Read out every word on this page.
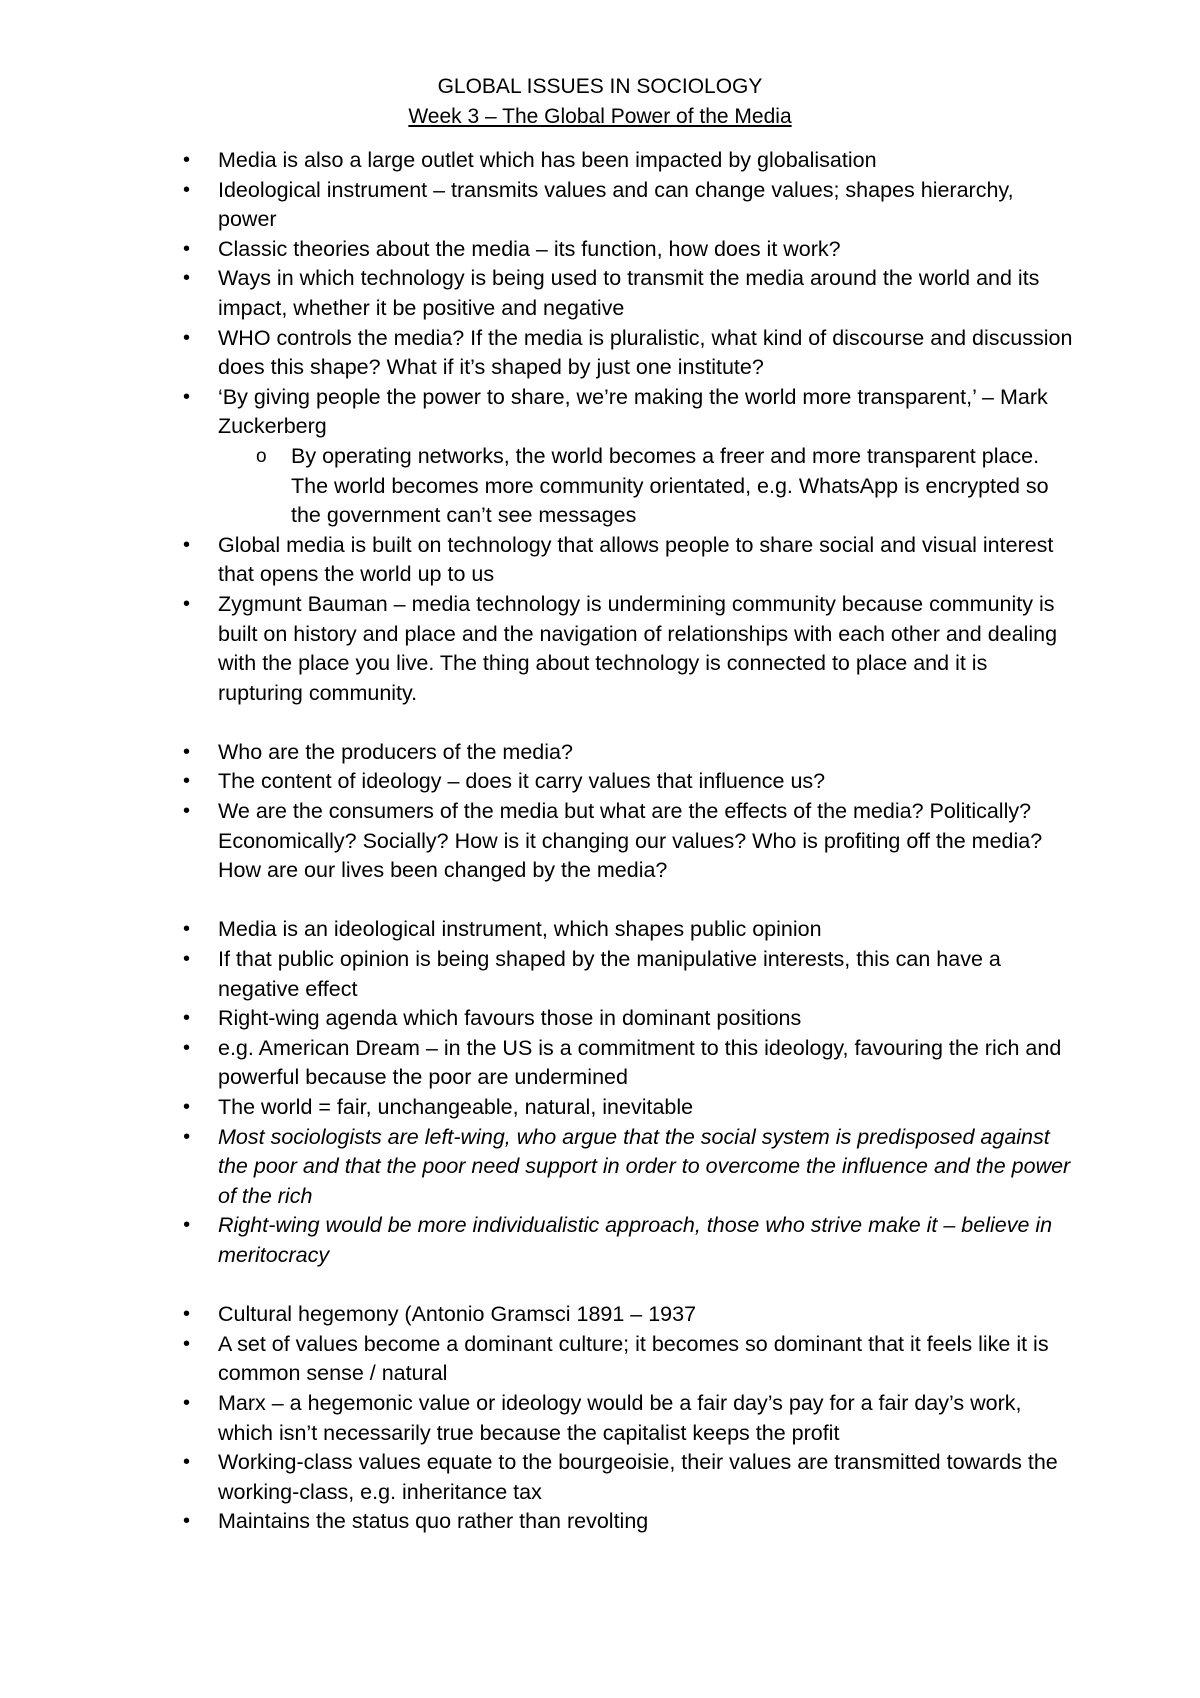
GLOBAL ISSUES IN SOCIOLOGY
Week 3 – The Global Power of the Media
• Media is also a large outlet which has been impacted by globalisation
• Ideological instrument – transmits values and can change values; shapes hierarchy, power
• Classic theories about the media – its function, how does it work?
• Ways in which technology is being used to transmit the media around the world and its impact, whether it be positive and negative
• WHO controls the media? If the media is pluralistic, what kind of discourse and discussion does this shape? What if it’s shaped by just one institute?
• ‘By giving people the power to share, we’re making the world more transparent,’ – Mark Zuckerberg
o By operating networks, the world becomes a freer and more transparent place. The world becomes more community orientated, e.g. WhatsApp is encrypted so the government can’t see messages
• Global media is built on technology that allows people to share social and visual interest that opens the world up to us
• Zygmunt Bauman – media technology is undermining community because community is built on history and place and the navigation of relationships with each other and dealing with the place you live. The thing about technology is connected to place and it is rupturing community.
• Who are the producers of the media?
• The content of ideology – does it carry values that influence us?
• We are the consumers of the media but what are the effects of the media? Politically? Economically? Socially? How is it changing our values? Who is profiting off the media? How are our lives been changed by the media?
• Media is an ideological instrument, which shapes public opinion
• If that public opinion is being shaped by the manipulative interests, this can have a negative effect
• Right-wing agenda which favours those in dominant positions
• e.g. American Dream – in the US is a commitment to this ideology, favouring the rich and powerful because the poor are undermined
• The world = fair, unchangeable, natural, inevitable
• Most sociologists are left-wing, who argue that the social system is predisposed against the poor and that the poor need support in order to overcome the influence and the power of the rich
• Right-wing would be more individualistic approach, those who strive make it – believe in meritocracy
• Cultural hegemony (Antonio Gramsci 1891 – 1937
• A set of values become a dominant culture; it becomes so dominant that it feels like it is common sense / natural
• Marx – a hegemonic value or ideology would be a fair day’s pay for a fair day’s work, which isn’t necessarily true because the capitalist keeps the profit
• Working-class values equate to the bourgeoisie, their values are transmitted towards the working-class, e.g. inheritance tax
• Maintains the status quo rather than revolting
